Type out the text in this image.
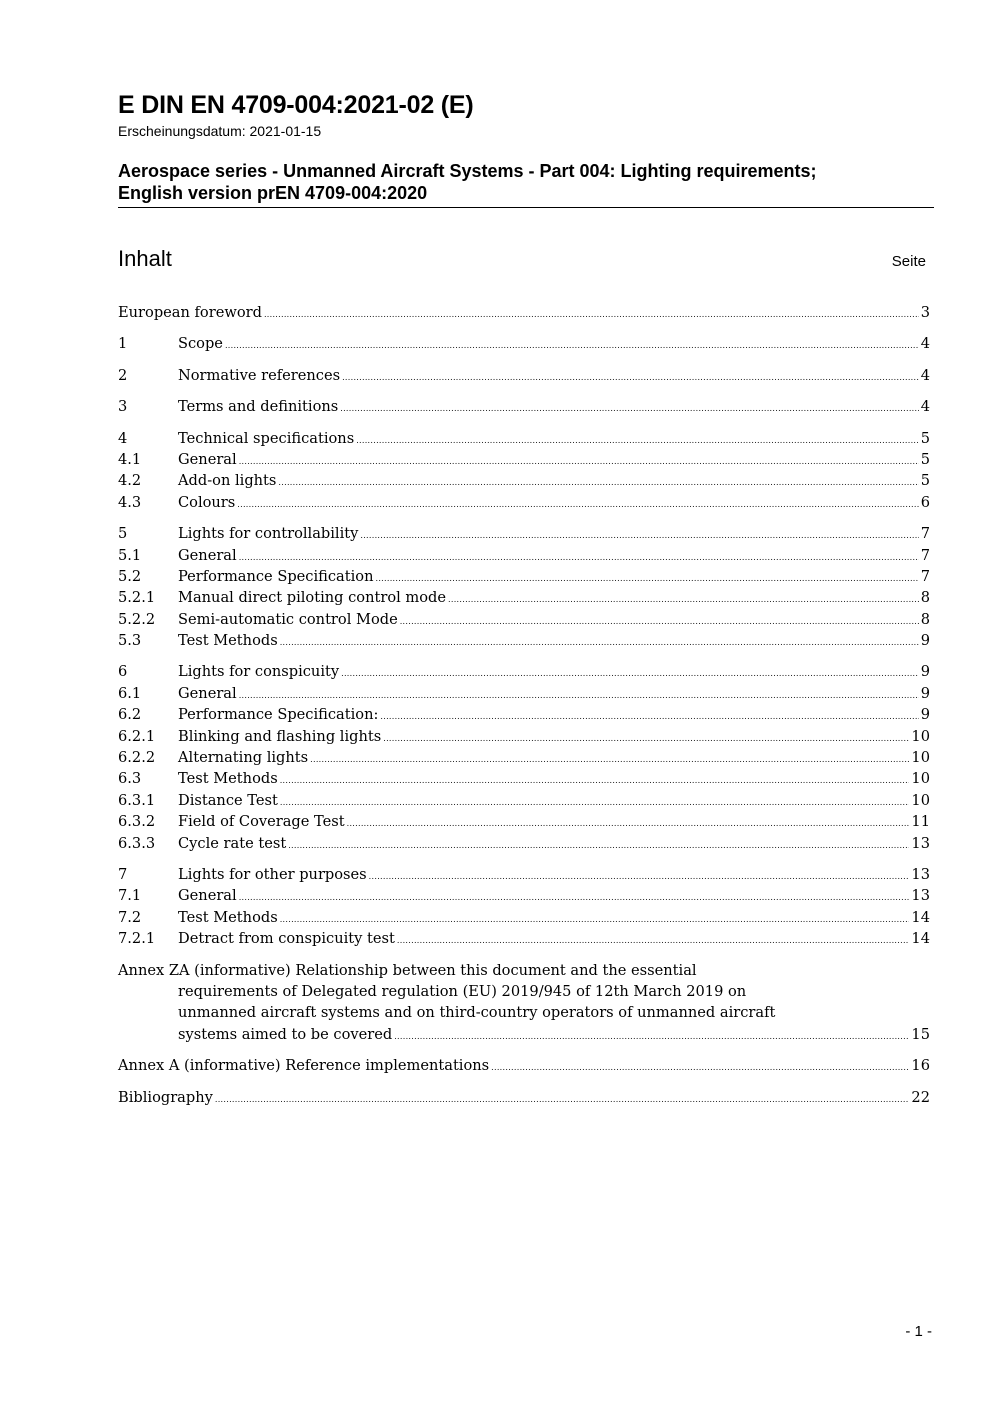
E DIN EN 4709-004:2021-02 (E)
Erscheinungsdatum: 2021-01-15
Aerospace series - Unmanned Aircraft Systems - Part 004: Lighting requirements;
English version prEN 4709-004:2020
Inhalt	Seite
European foreword .....	3
1	Scope .....	4
2	Normative references .....	4
3	Terms and definitions .....	4
4	Technical specifications .....	5
4.1	General .....	5
4.2	Add-on lights .....	5
4.3	Colours .....	6
5	Lights for controllability .....	7
5.1	General .....	7
5.2	Performance Specification .....	7
5.2.1	Manual direct piloting control mode .....	8
5.2.2	Semi-automatic control Mode .....	8
5.3	Test Methods .....	9
6	Lights for conspicuity .....	9
6.1	General .....	9
6.2	Performance Specification: .....	9
6.2.1	Blinking and flashing lights .....	10
6.2.2	Alternating lights .....	10
6.3	Test Methods .....	10
6.3.1	Distance Test .....	10
6.3.2	Field of Coverage Test .....	11
6.3.3	Cycle rate test .....	13
7	Lights for other purposes .....	13
7.1	General .....	13
7.2	Test Methods .....	14
7.2.1	Detract from conspicuity test .....	14
Annex ZA (informative) Relationship between this document and the essential
requirements of Delegated regulation (EU) 2019/945 of 12th March 2019 on
unmanned aircraft systems and on third-country operators of unmanned aircraft
systems aimed to be covered .....	15
Annex A (informative) Reference implementations .....	16
Bibliography .....	22
- 1 -
